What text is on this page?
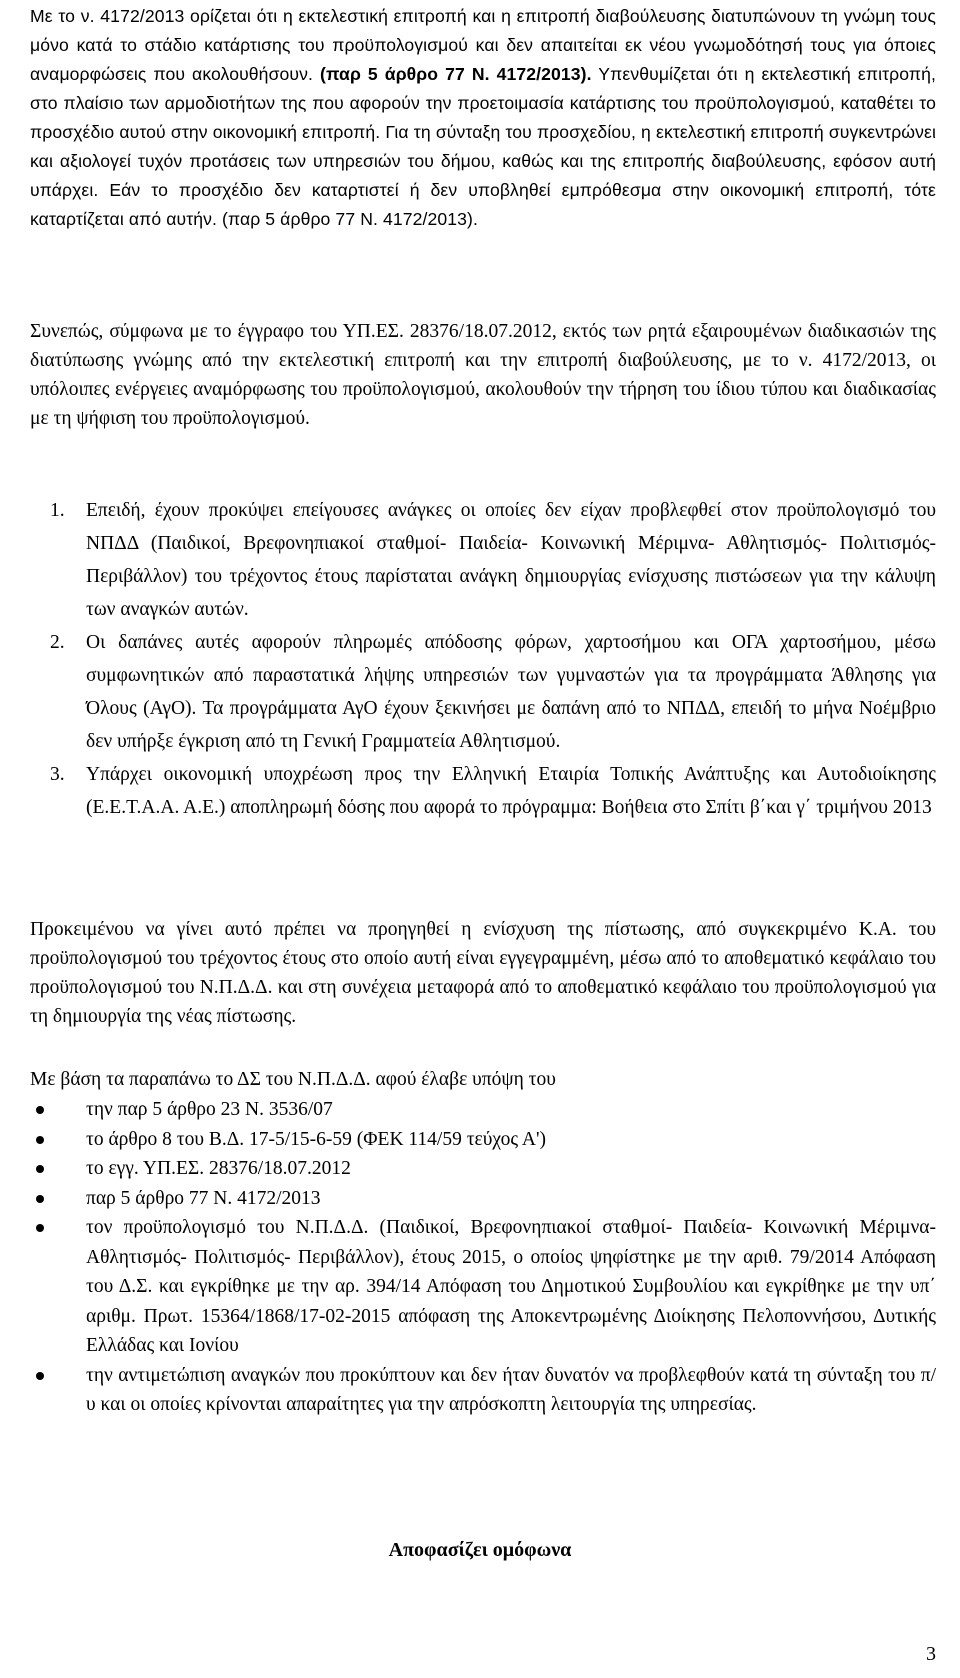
Με το ν. 4172/2013 ορίζεται ότι η εκτελεστική επιτροπή και η επιτροπή διαβούλευσης διατυπώνουν τη γνώμη τους μόνο κατά το στάδιο κατάρτισης του προϋπολογισμού και δεν απαιτείται εκ νέου γνωμοδότησή τους για όποιες αναμορφώσεις που ακολουθήσουν. (παρ 5 άρθρο 77 Ν. 4172/2013). Υπενθυμίζεται ότι η εκτελεστική επιτροπή, στο πλαίσιο των αρμοδιοτήτων της που αφορούν την προετοιμασία κατάρτισης του προϋπολογισμού, καταθέτει το προσχέδιο αυτού στην οικονομική επιτροπή. Για τη σύνταξη του προσχεδίου, η εκτελεστική επιτροπή συγκεντρώνει και αξιολογεί τυχόν προτάσεις των υπηρεσιών του δήμου, καθώς και της επιτροπής διαβούλευσης, εφόσον αυτή υπάρχει. Εάν το προσχέδιο δεν καταρτιστεί ή δεν υποβληθεί εμπρόθεσμα στην οικονομική επιτροπή, τότε καταρτίζεται από αυτήν. (παρ 5 άρθρο 77 Ν. 4172/2013).
Συνεπώς, σύμφωνα με το έγγραφο του ΥΠ.ΕΣ. 28376/18.07.2012, εκτός των ρητά εξαιρουμένων διαδικασιών της διατύπωσης γνώμης από την εκτελεστική επιτροπή και την επιτροπή διαβούλευσης, με το ν. 4172/2013, οι υπόλοιπες ενέργειες αναμόρφωσης του προϋπολογισμού, ακολουθούν την τήρηση του ίδιου τύπου και διαδικασίας με τη ψήφιση του προϋπολογισμού.
1.	Επειδή, έχουν προκύψει επείγουσες ανάγκες οι οποίες δεν είχαν προβλεφθεί στον προϋπολογισμό του ΝΠΔΔ (Παιδικοί, Βρεφονηπιακοί σταθμοί- Παιδεία- Κοινωνική Μέριμνα- Αθλητισμός- Πολιτισμός- Περιβάλλον) του τρέχοντος έτους παρίσταται ανάγκη δημιουργίας ενίσχυσης πιστώσεων για την κάλυψη των αναγκών αυτών.
2.	Οι δαπάνες αυτές αφορούν πληρωμές απόδοσης φόρων, χαρτοσήμου και ΟΓΑ χαρτοσήμου, μέσω συμφωνητικών από παραστατικά λήψης υπηρεσιών των γυμναστών για τα προγράμματα Άθλησης για Όλους (ΑγΟ). Τα προγράμματα ΑγΟ έχουν ξεκινήσει με δαπάνη από το ΝΠΔΔ, επειδή το μήνα Νοέμβριο δεν υπήρξε έγκριση από τη Γενική Γραμματεία Αθλητισμού.
3.	Υπάρχει οικονομική υποχρέωση προς την Ελληνική Εταιρία Τοπικής Ανάπτυξης και Αυτοδιοίκησης (Ε.Ε.Τ.Α.Α. Α.Ε.) αποπληρωμή δόσης που αφορά το πρόγραμμα: Βοήθεια στο Σπίτι β΄και γ΄ τριμήνου 2013
Προκειμένου να γίνει αυτό πρέπει να προηγηθεί η ενίσχυση της πίστωσης, από συγκεκριμένο Κ.Α. του προϋπολογισμού του τρέχοντος έτους στο οποίο αυτή είναι εγγεγραμμένη, μέσω από το αποθεματικό κεφάλαιο του προϋπολογισμού του Ν.Π.Δ.Δ. και στη συνέχεια μεταφορά από το αποθεματικό κεφάλαιο του προϋπολογισμού για τη δημιουργία της νέας πίστωσης.
Με βάση τα παραπάνω το ΔΣ του Ν.Π.Δ.Δ. αφού έλαβε υπόψη του
την παρ 5 άρθρο 23 Ν. 3536/07
το άρθρο 8 του Β.Δ. 17-5/15-6-59 (ΦΕΚ 114/59 τεύχος Α')
το εγγ. ΥΠ.ΕΣ. 28376/18.07.2012
παρ 5 άρθρο 77 Ν. 4172/2013
τον προϋπολογισμό του Ν.Π.Δ.Δ. (Παιδικοί, Βρεφονηπιακοί σταθμοί- Παιδεία- Κοινωνική Μέριμνα- Αθλητισμός- Πολιτισμός- Περιβάλλον), έτους 2015, ο οποίος ψηφίστηκε με την αριθ. 79/2014 Απόφαση του Δ.Σ. και εγκρίθηκε με την αρ. 394/14 Απόφαση του Δημοτικού Συμβουλίου και εγκρίθηκε με την υπ΄ αριθμ. Πρωτ. 15364/1868/17-02-2015 απόφαση της Αποκεντρωμένης Διοίκησης Πελοποννήσου, Δυτικής Ελλάδας και Ιονίου
την αντιμετώπιση αναγκών που προκύπτουν και δεν ήταν δυνατόν να προβλεφθούν κατά τη σύνταξη του π/υ και οι οποίες κρίνονται απαραίτητες για την απρόσκοπτη λειτουργία της υπηρεσίας.
Αποφασίζει ομόφωνα
3
